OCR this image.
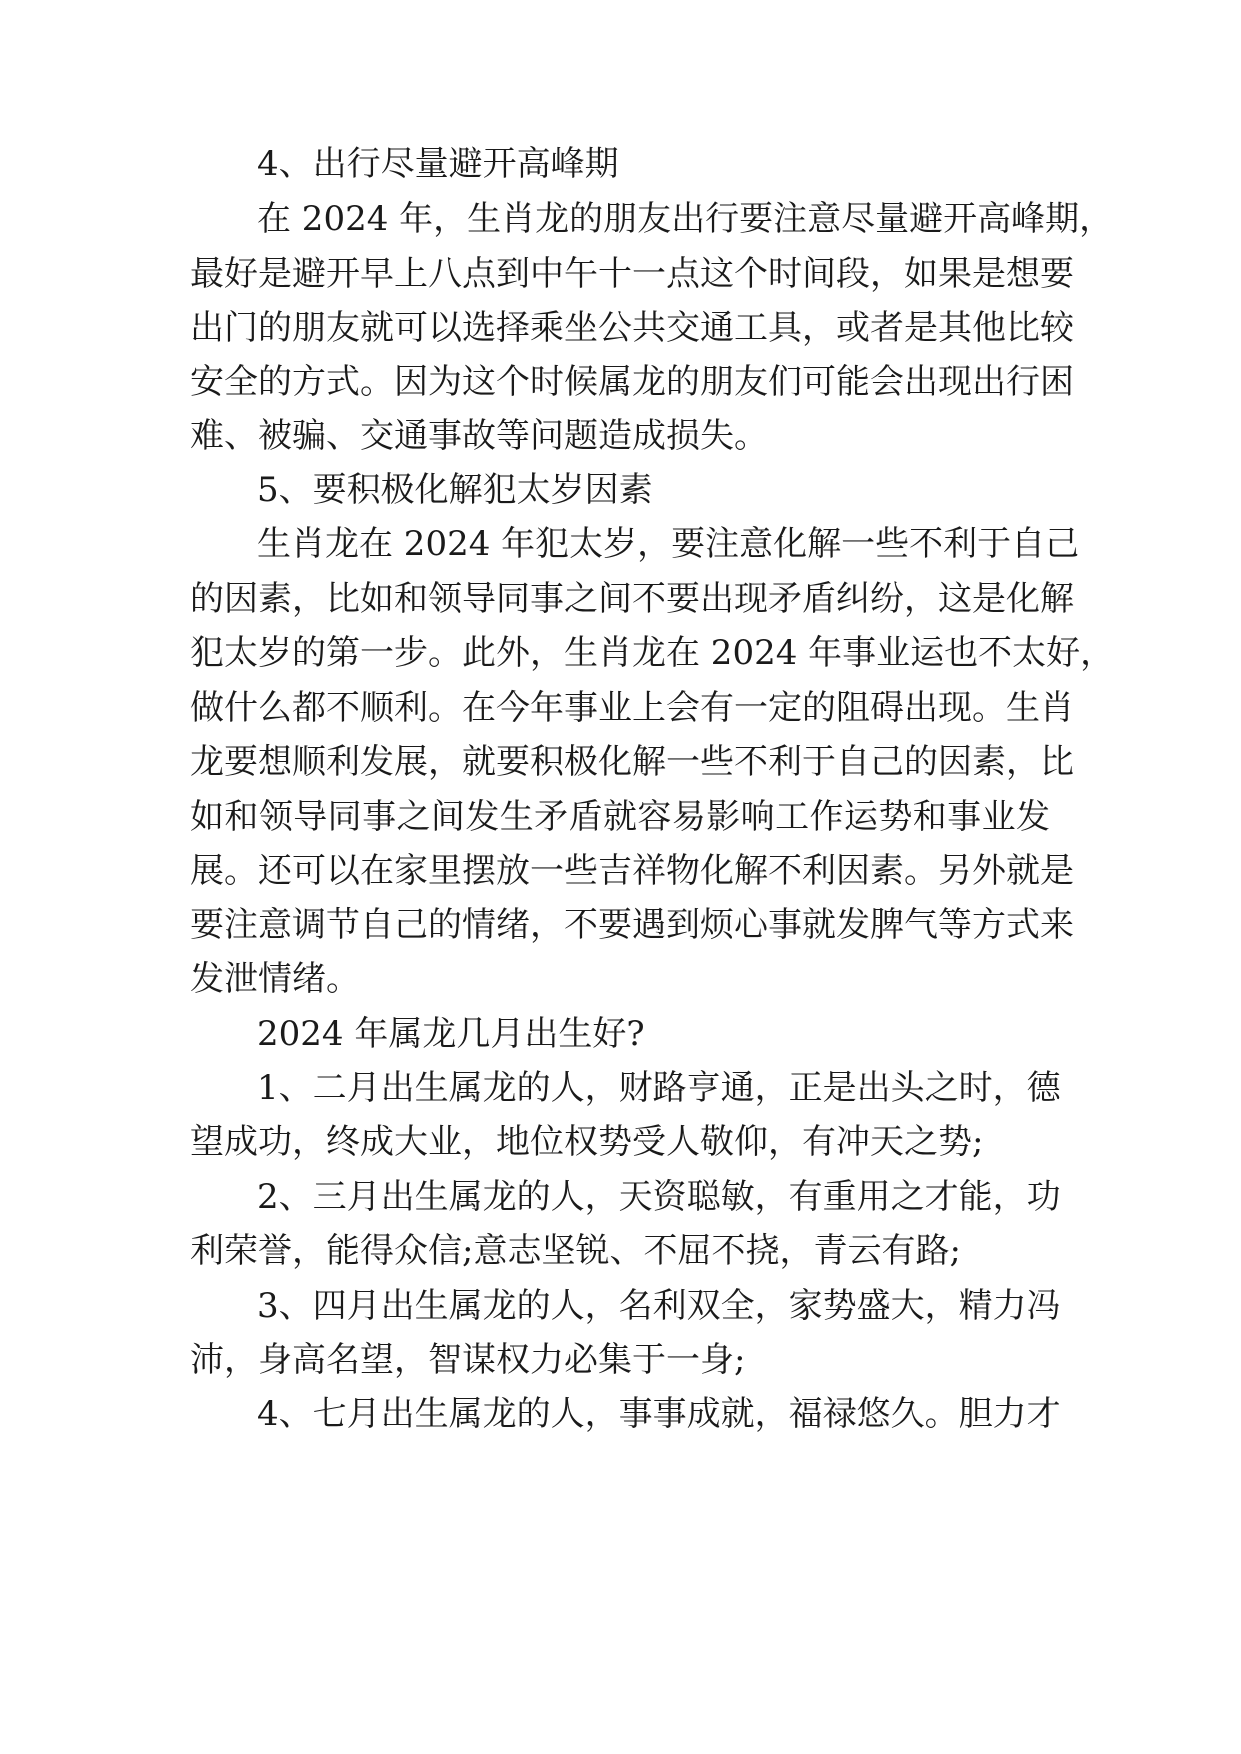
4、出行尽量避开高峰期

在 2024 年，生肖龙的朋友出行要注意尽量避开高峰期，

最好是避开早上八点到中午十一点这个时间段，如果是想要

出门的朋友就可以选择乘坐公共交通工具，或者是其他比较

安全的方式。因为这个时候属龙的朋友们可能会出现出行困

难、被骗、交通事故等问题造成损失。

5、要积极化解犯太岁因素

生肖龙在 2024 年犯太岁，要注意化解一些不利于自己

的因素，比如和领导同事之间不要出现矛盾纠纷，这是化解

犯太岁的第一步。此外，生肖龙在 2024 年事业运也不太好，

做什么都不顺利。在今年事业上会有一定的阻碍出现。生肖

龙要想顺利发展，就要积极化解一些不利于自己的因素，比

如和领导同事之间发生矛盾就容易影响工作运势和事业发

展。还可以在家里摆放一些吉祥物化解不利因素。另外就是

要注意调节自己的情绪，不要遇到烦心事就发脾气等方式来

发泄情绪。

2024 年属龙几月出生好?

1、二月出生属龙的人，财路亨通，正是出头之时，德

望成功，终成大业，地位权势受人敬仰，有冲天之势;

2、三月出生属龙的人，天资聪敏，有重用之才能，功

利荣誉，能得众信;意志坚锐、不屈不挠，青云有路;

3、四月出生属龙的人，名利双全，家势盛大，精力冯

沛，身高名望，智谋权力必集于一身;

4、七月出生属龙的人，事事成就，福禄悠久。胆力才
